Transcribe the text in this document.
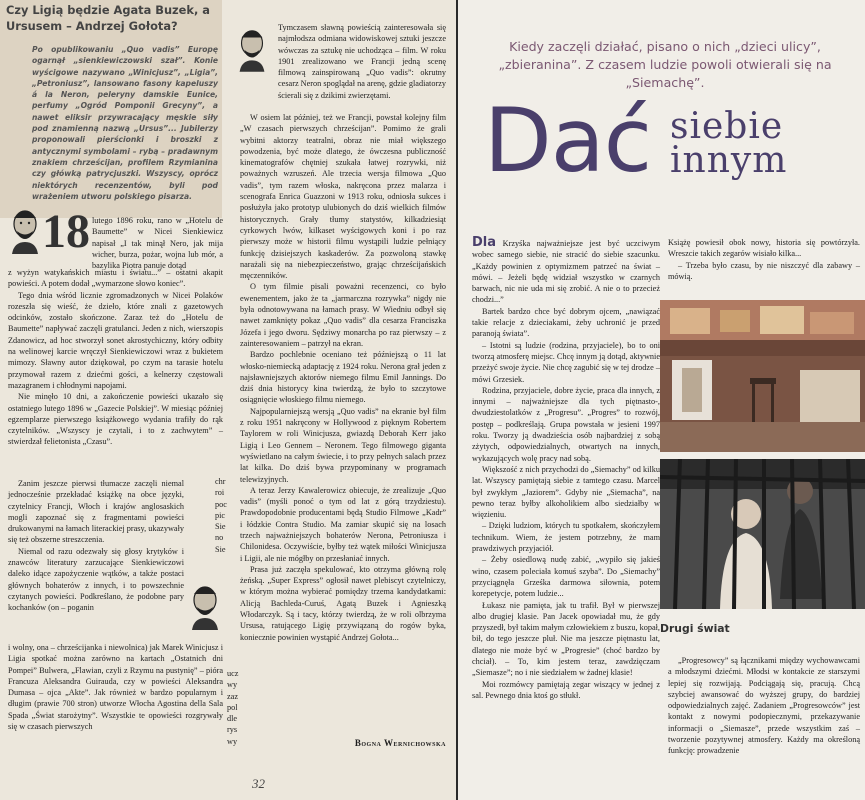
Czy Ligią będzie Agata Buzek, a Ursusem – Andrzej Gołota?

Po opublikowaniu „Quo vadis” Europę ogarnął „sienkiewiczowski szał”. Konie wyścigowe nazywano „Winicjusz”, „Ligia”, „Petroniusz”, lansowano fasony kapeluszy á la Neron, peleryny damskie Eunice, perfumy „Ogród Pomponii Grecyny”, a nawet eliksir przywracający męskie siły pod znamienną nazwą „Ursus”... Jubilerzy proponowali pierścionki i broszki z antycznymi symbolami – rybą – pradawnym znakiem chrześcijan, profilem Rzymianina czy główką patrycjuszki. Wszyscy, oprócz niektórych recenzentów, byli pod wrażeniem utworu polskiego pisarza.

18 lutego 1896 roku, rano w „Hotelu de Baumette” w Nicei Sienkiewicz napisał „I tak minął Nero, jak mija wicher, burza, pożar, wojna lub mór, a bazylika Piotra panuje dotąd

z wyżyn watykańskich miastu i światu...” – ostatni akapit powieści. A potem dodał „wymarzone słowo koniec”.

Tego dnia wśród licznie zgromadzonych w Nicei Polaków rozeszła się wieść, że dzieło, które znali z gazetowych odcinków, zostało skończone. Zaraz też do „Hotelu de Baumette” napływać zaczęli gratulanci. Jeden z nich, wierszopis Zdanowicz, ad hoc stworzył sonet akrostychiczny, który odbity na welinowej karcie wręczył Sienkiewiczowi wraz z bukietem mimozy. Sławny autor dziękował, po czym na tarasie hotelu przymował razem z dziećmi gości, a kelnerzy częstowali mazagranem i chłodnymi napojami.

Nie minęło 10 dni, a zakończenie powieści ukazało się ostatniego lutego 1896 w „Gazecie Polskiej”. W miesiąc później egzemplarze pierwszego książkowego wydania trafiły do rąk czytelników. „Wszyscy je czytali, i to z zachwytem” – stwierdzał felietonista „Czasu”.

Zanim jeszcze pierwsi tłumacze zaczęli niemal jednocześnie przekładać książkę na obce języki, czytelnicy Francji, Włoch i krajów anglosaskich mogli zapoznać się z fragmentami powieści drukowanymi na łamach literackiej prasy, ukazywały się też obszerne streszczenia.

Niemal od razu odezwały się głosy krytyków i znawców literatury zarzucające Sienkiewiczowi daleko idące zapożyczenie wątków, a także postaci głównych bohaterów z innych, i to powszechnie czytanych powieści. Podkreślano, że podobne pary kochanków (on – poganin

i wolny, ona – chrześcijanka i niewolnica) jak Marek Winicjusz i Ligia spotkać można zarówno na kartach „Ostatnich dni Pompei” Bulwera, „Flawian, czyli z Rzymu na pustynię” – pióra Francuza Aleksandra Guirauda, czy w powieści Aleksandra Dumasa – ojca „Akte”. Jak również w bardzo popularnym i długim (prawie 700 stron) utworze Włocha Agostina della Sala Spada „Świat starożytny”. Wszystkie te opowieści rozgrywały się w czasach pierwszych
chr
roi
poc
pic
Sie
no
Sie
ucz
wy
zaz
pol
dle
rys
wy

Tymczasem sławną powieścią zainteresowała się najmłodsza odmiana widowiskowej sztuki jeszcze wówczas za sztukę nie uchodząca – film. W roku 1901 zrealizowano we Francji jedną scenę filmową zainspirowaną „Quo vadis”: okrutny cesarz Neron spoglądał na arenę, gdzie gladiatorzy ścierali się z dzikimi zwierzętami.

W osiem lat później, też we Francji, powstał kolejny film „W czasach pierwszych chrześcijan”. Pomimo że grali wybitni aktorzy teatralni, obraz nie miał większego powodzenia, być może dlatego, że ówczesna publiczność kinematografów chętniej szukała łatwej rozrywki, niż poważnych wzruszeń. Ale trzecia wersja filmowa „Quo vadis”, tym razem włoska, nakręcona przez malarza i scenografa Enrica Guazzoni w 1913 roku, odniosła sukces i posłużyła jako prototyp ulubionych do dziś wielkich filmów historycznych. Grały tłumy statystów, kilkadziesiąt cyrkowych lwów, kilkaset wyścigowych koni i po raz pierwszy może w historii filmu wystąpili ludzie pełniący funkcję dzisiejszych kaskaderów. Za pozwoloną stawkę narażali się na niebezpieczeństwo, grając chrześcijańskich męczenników.

O tym filmie pisali poważni recenzenci, co było ewenementem, jako że ta „jarmarczna rozrywka” nigdy nie była odnotowywana na łamach prasy. W Wiedniu odbył się nawet zamknięty pokaz „Quo vadis” dla cesarza Franciszka Józefa i jego dworu. Sędziwy monarcha po raz pierwszy – z zainteresowaniem – patrzył na ekran.

Bardzo pochlebnie oceniano też późniejszą o 11 lat włosko-niemiecką adaptację z 1924 roku. Nerona grał jeden z najsławniejszych aktorów niemego filmu Emil Jannings. Do dziś dnia historycy kina twierdzą, że było to szczytowe osiągnięcie włoskiego filmu niemego.

Najpopularniejszą wersją „Quo vadis” na ekranie był film z roku 1951 nakręcony w Hollywood z pięknym Robertem Taylorem w roli Winicjusza, gwiazdą Deborah Kerr jako Ligią i Leo Gennem – Neronem. Tego filmowego giganta wyświetlano na całym świecie, i to przy pełnych salach przez lat kilka. Do dziś bywa przypominany w programach telewizyjnych.

A teraz Jerzy Kawalerowicz obiecuje, że zrealizuje „Quo vadis” (myśli ponoć o tym od lat z górą trzydziestu). Prawdopodobnie producentami będą Studio Filmowe „Kadr” i łódzkie Contra Studio. Ma zamiar skupić się na losach trzech najważniejszych bohaterów Nerona, Petroniusza i Chilonidesa. Oczywiście, byłby też wątek miłości Winicjusza i Ligii, ale nie mógłby on przesłaniać innych.

Prasa już zaczęła spekulować, kto otrzyma główną rolę żeńską. „Super Express” ogłosił nawet plebiscyt czytelniczy, w którym można wybierać pomiędzy trzema kandydatkami: Alicją Bachleda-Curuś, Agatą Buzek i Agnieszką Włodarczyk. Są i tacy, którzy twierdzą, że w roli olbrzyma Ursusa, ratującego Ligię przywiązaną do rogów byka, koniecznie powinien wystąpić Andrzej Gołota...

Bogna Wernichowska
32

Kiedy zaczęli działać, pisano o nich „dzieci ulicy”, „zbieranina”. Z czasem ludzie powoli otwierali się na „Siemachę”.

Dać siebie
innym

Dla Krzyśka najważniejsze jest być uczciwym wobec samego siebie, nie stracić do siebie szacunku. „Każdy powinien z optymizmem patrzeć na świat – mówi. – Jeżeli będę widział wszystko w czarnych barwach, nic nie uda mi się zrobić. A nie o to przecież chodzi...”

Bartek bardzo chce być dobrym ojcem, „nawiązać takie relacje z dzieciakami, żeby uchronić je przed paranoją świata”.

– Istotni są ludzie (rodzina, przyjaciele), bo to oni tworzą atmosferę miejsc. Chcę innym ją dotąd, aktywnie przeżyć swoje życie. Nie chcę zagubić się w tej drodze – mówi Grzesiek.

Rodzina, przyjaciele, dobre życie, praca dla innych, z innymi – najważniejsze dla tych piętnasto-, dwudziestolatków z „Progresu”. „Progres” to rozwój, postęp – podkreślają. Grupa powstała w jesieni 1997 roku. Tworzy ją dwadzieścia osób najbardziej z sobą zżytych, odpowiedzialnych, otwartych na innych, wykazujących wolę pracy nad sobą.

Większość z nich przychodzi do „Siemachy” od kilku lat. Wszyscy pamiętają siebie z tamtego czasu. Marcel był zwykłym „Jaziorem”. Gdyby nie „Siemacha”, na pewno teraz byłby alkoholikiem albo siedziałby w więzieniu.

– Dzięki ludziom, których tu spotkałem, skończyłem technikum. Wiem, że jestem potrzebny, że mam prawdziwych przyjaciół.

– Żeby osiedlową nudę zabić, „wypiło się jakieś wino, czasem poleciała komuś szyba”. Do „Siemachy” przyciągnęła Grześka darmowa siłownia, potem korepetycje, potem ludzie...

Łukasz nie pamięta, jak tu trafił. Był w pierwszej albo drugiej klasie. Pan Jacek opowiadał mu, że gdy przyszedł, był takim małym człowiekiem z buszu, kopał, bił, do tego jeszcze pluł. Nie ma jeszcze piętnastu lat, dlatego nie może być w „Progresie” (choć bardzo by chciał). – To, kim jestem teraz, zawdzięczam „Siemasze”; no i nie siedziałem w żadnej klasie!

Moi rozmówcy pamiętają zegar wiszący w jednej z sal. Pewnego dnia ktoś go stłukł.

Książę powiesił obok nowy, historia się powtórzyła. Wreszcie takich zegarów wisiało kilka...

– Trzeba było czasu, by nie niszczyć dla zabawy – mówią.

Drugi świat

„Progresowcy” są łącznikami między wychowawcami a młodszymi dziećmi. Młodsi w kontakcie ze starszymi lepiej się rozwijają. Podciągają się, pracują. Chcą szybciej awansować do wyższej grupy, do bardziej odpowiedzialnych zajęć. Zadaniem „Progresowców” jest kontakt z nowymi podopiecznymi, przekazywanie informacji o „Siemasze”, przede wszystkim zaś – tworzenie pozytywnej atmosfery. Każdy ma określoną funkcję: prowadzenie
